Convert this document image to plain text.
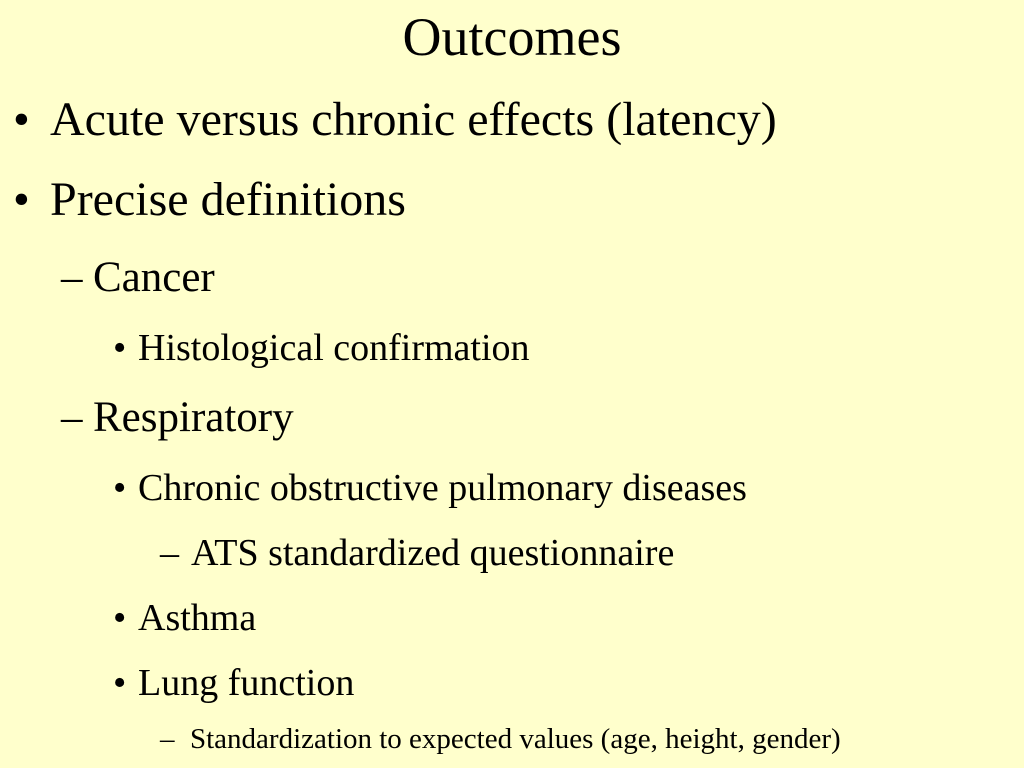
Outcomes
• Acute versus chronic effects (latency)
• Precise definitions
– Cancer
• Histological confirmation
– Respiratory
• Chronic obstructive pulmonary diseases
– ATS standardized questionnaire
• Asthma
• Lung function
– Standardization to expected values (age, height, gender)
